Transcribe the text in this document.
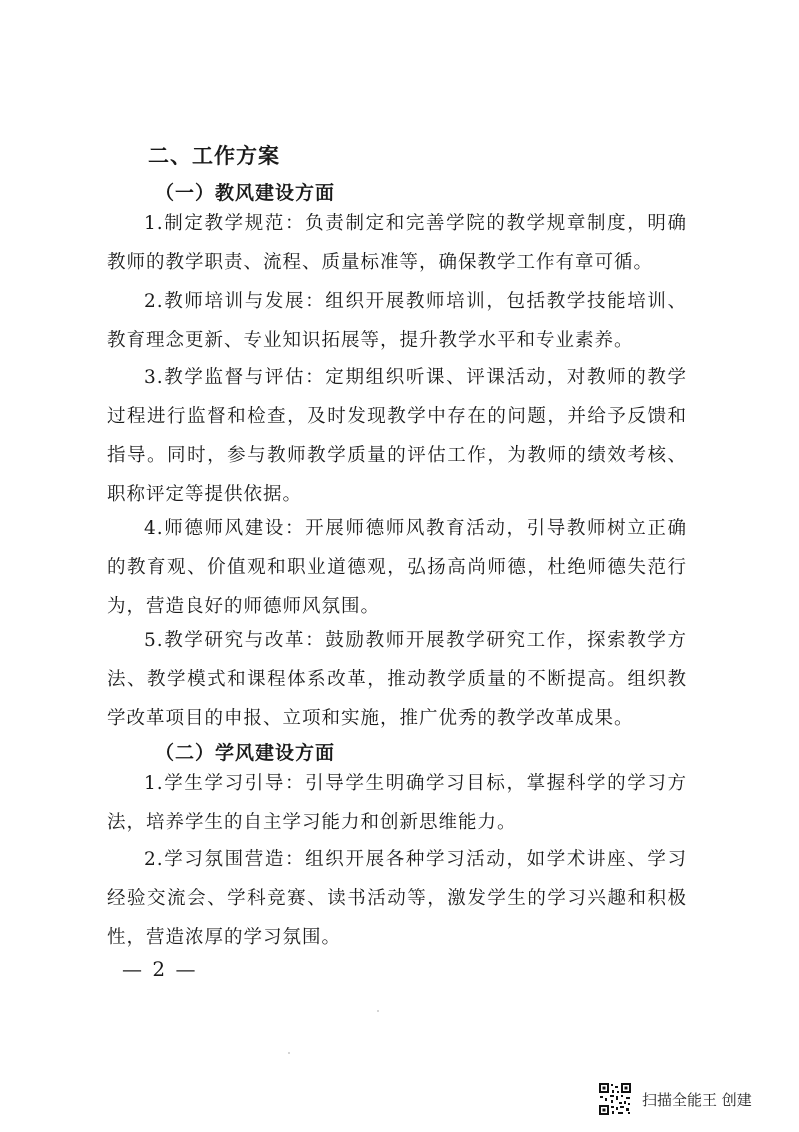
二、工作方案
（一）教风建设方面
1.制定教学规范：负责制定和完善学院的教学规章制度，明确教师的教学职责、流程、质量标准等，确保教学工作有章可循。
2.教师培训与发展：组织开展教师培训，包括教学技能培训、教育理念更新、专业知识拓展等，提升教学水平和专业素养。
3.教学监督与评估：定期组织听课、评课活动，对教师的教学过程进行监督和检查，及时发现教学中存在的问题，并给予反馈和指导。同时，参与教师教学质量的评估工作，为教师的绩效考核、职称评定等提供依据。
4.师德师风建设：开展师德师风教育活动，引导教师树立正确的教育观、价值观和职业道德观，弘扬高尚师德，杜绝师德失范行为，营造良好的师德师风氛围。
5.教学研究与改革：鼓励教师开展教学研究工作，探索教学方法、教学模式和课程体系改革，推动教学质量的不断提高。组织教学改革项目的申报、立项和实施，推广优秀的教学改革成果。
（二）学风建设方面
1.学生学习引导：引导学生明确学习目标，掌握科学的学习方法，培养学生的自主学习能力和创新思维能力。
2.学习氛围营造：组织开展各种学习活动，如学术讲座、学习经验交流会、学科竞赛、读书活动等，激发学生的学习兴趣和积极性，营造浓厚的学习氛围。
— 2 —
扫描全能王 创建
